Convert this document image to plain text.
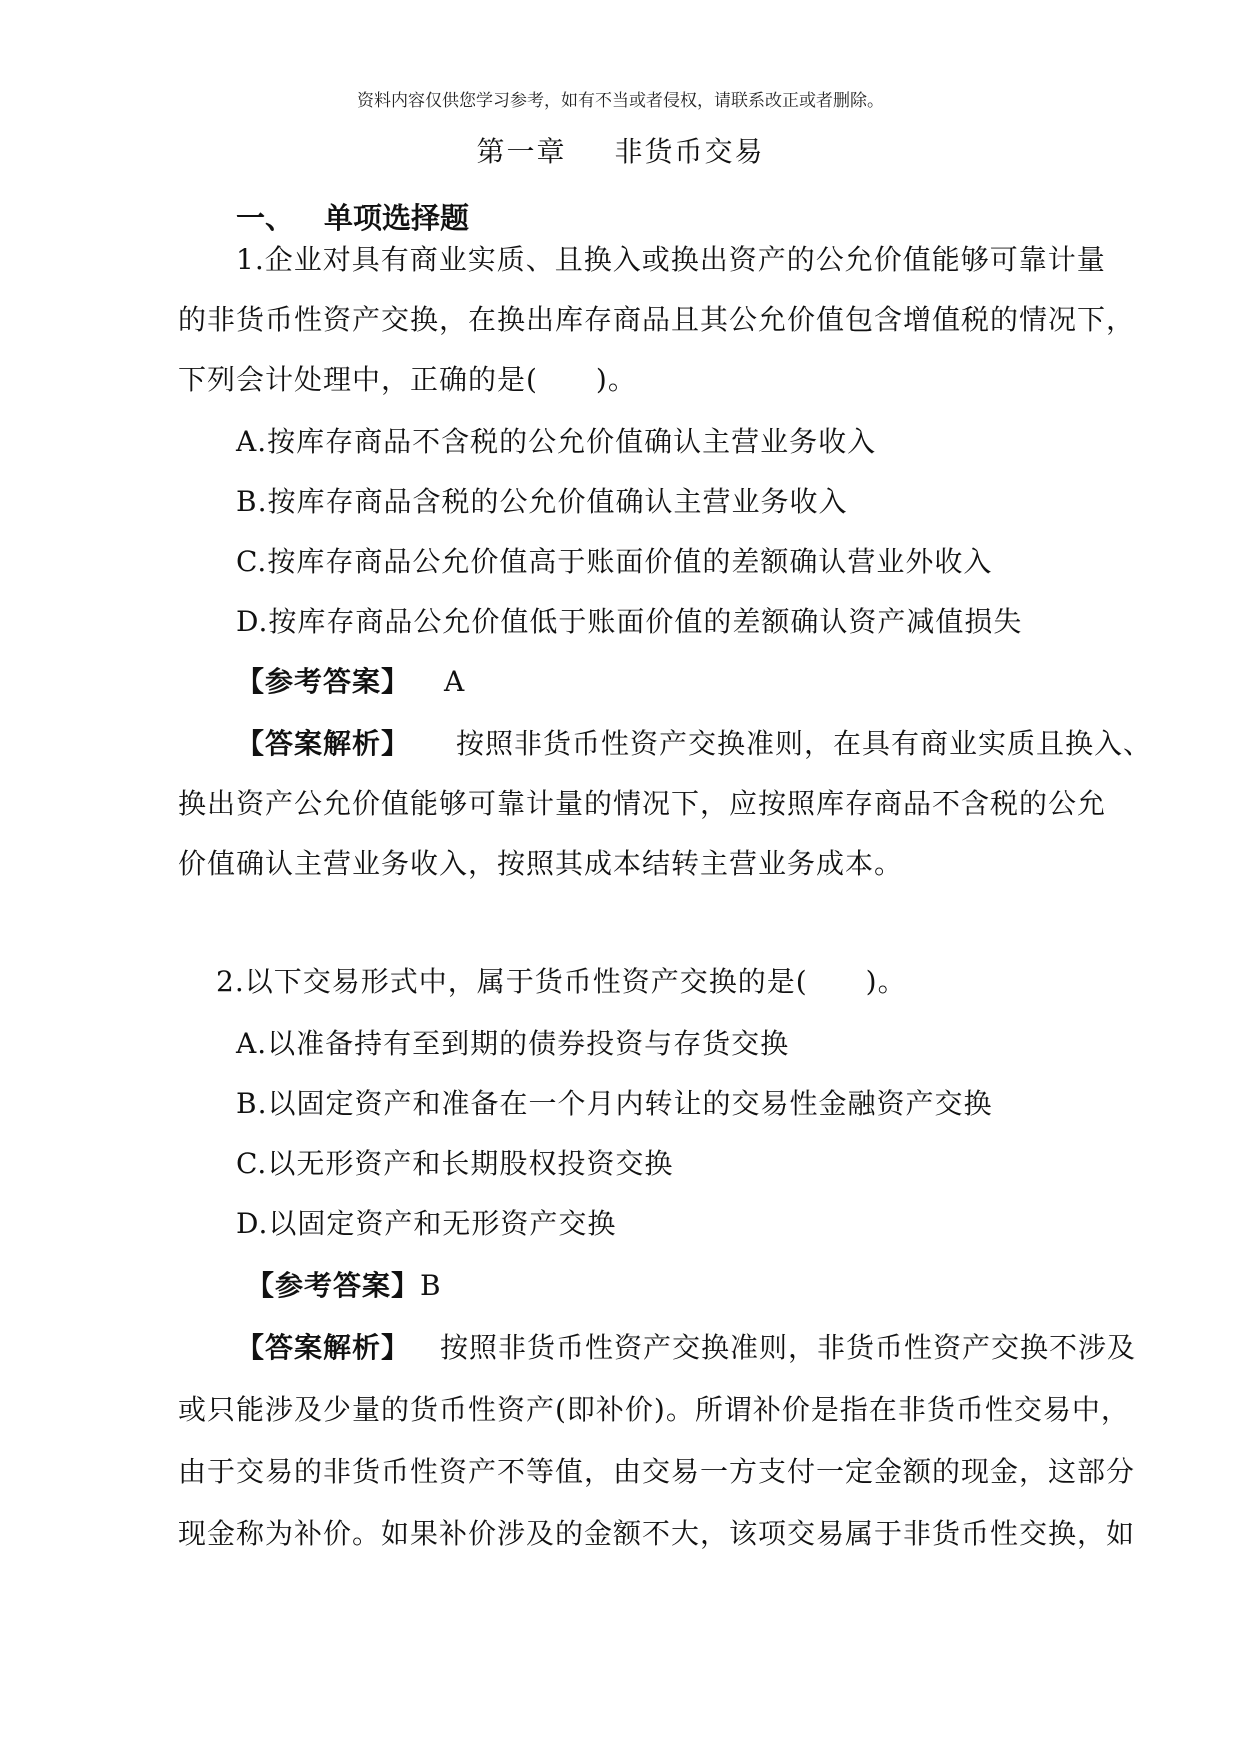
资料内容仅供您学习参考，如有不当或者侵权，请联系改正或者删除。
第一章 非货币交易
一、 单项选择题
1.企业对具有商业实质、且换入或换出资产的公允价值能够可靠计量
的非货币性资产交换，在换出库存商品且其公允价值包含增值税的情况下，
下列会计处理中，正确的是(　　)。
A.按库存商品不含税的公允价值确认主营业务收入
B.按库存商品含税的公允价值确认主营业务收入
C.按库存商品公允价值高于账面价值的差额确认营业外收入
D.按库存商品公允价值低于账面价值的差额确认资产减值损失
【参考答案】 A
【答案解析】 按照非货币性资产交换准则，在具有商业实质且换入、
换出资产公允价值能够可靠计量的情况下，应按照库存商品不含税的公允
价值确认主营业务收入，按照其成本结转主营业务成本。
2.以下交易形式中，属于货币性资产交换的是(　　)。
A.以准备持有至到期的债券投资与存货交换
B.以固定资产和准备在一个月内转让的交易性金融资产交换
C.以无形资产和长期股权投资交换
D.以固定资产和无形资产交换
【参考答案】B
【答案解析】 按照非货币性资产交换准则，非货币性资产交换不涉及
或只能涉及少量的货币性资产(即补价)。所谓补价是指在非货币性交易中，
由于交易的非货币性资产不等值，由交易一方支付一定金额的现金，这部分
现金称为补价。如果补价涉及的金额不大，该项交易属于非货币性交换，如
